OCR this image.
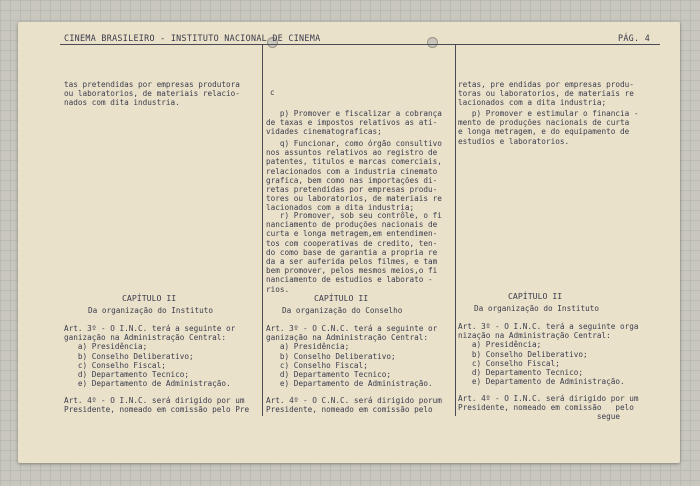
CINEMA BRASILEIRO - INSTITUTO NACIONAL DE CINEMA	PÁG. 4
tas pretendidas por empresas produtora
ou laboratorios, de materiais relacio-
nados com dita industria.
CAPÍTULO II
Da organização do Instituto
Art. 3º - O I.N.C. terá a seguinte or
ganização na Administração Central:
a) Presidência;
b) Conselho Deliberativo;
c) Conselho Fiscal;
d) Departamento Tecnico;
e) Departamento de Administração.
Art. 4º - O I.N.C. será dirigido por um
Presidente, nomeado em comissão pelo Pre
c
p) Promover e fiscalizar a cobrança
de taxas e impostos relativos as ati-
vidades cinematograficas;
q) Funcionar, como órgão consultivo
nos assuntos relativos ao registro de
patentes, titulos e marcas comerciais,
relacionados com a industria cinemato
grafica, bem como nas importações di-
retas pretendidas por empresas produ-
tores ou laboratorios, de materiais re
lacionados com a dita industria;
r) Promover, sob seu contrôle, o fi
nanciamento de produções nacionais de
curta e longa metragem,em entendimen-
tos com cooperativas de credito, ten-
do como base de garantia a propria re
da a ser auferida pelos filmes, e tam
bem promover, pelos mesmos meios,o fi
nanciamento de estudios e laborato -
rios.
CAPÍTULO II
Da organização do Conselho
Art. 3º - O C.N.C. terá a seguinte or
ganização na Administração Central:
a) Presidência;
b) Conselho Deliberativo;
c) Conselho Fiscal;
d) Departamento Tecnico;
e) Departamento de Administração.
Art. 4º - O C.N.C. será dirigido porum
Presidente, nomeado em comissão pelo
retas, pre endidas por empresas produ-
toras ou laboratorios, de materiais re
lacionados com a dita industria;
p) Promover e estimular o financia -
mento de produções nacionais de curta
e longa metragem, e do equipamento de
estudios e laboratorios.
CAPÍTULO II
Da organização do Instituto
Art. 3º - O I.N.C. terá a seguinte orga
nização na Administração Central:
a) Presidência;
b) Conselho Deliberativo;
c) Conselho Fiscal;
d) Departamento Tecnico;
e) Departamento de Administração.
Art. 4º - O I.N.C. será dirigido por um
Presidente, nomeado em comissão   pelo
segue
